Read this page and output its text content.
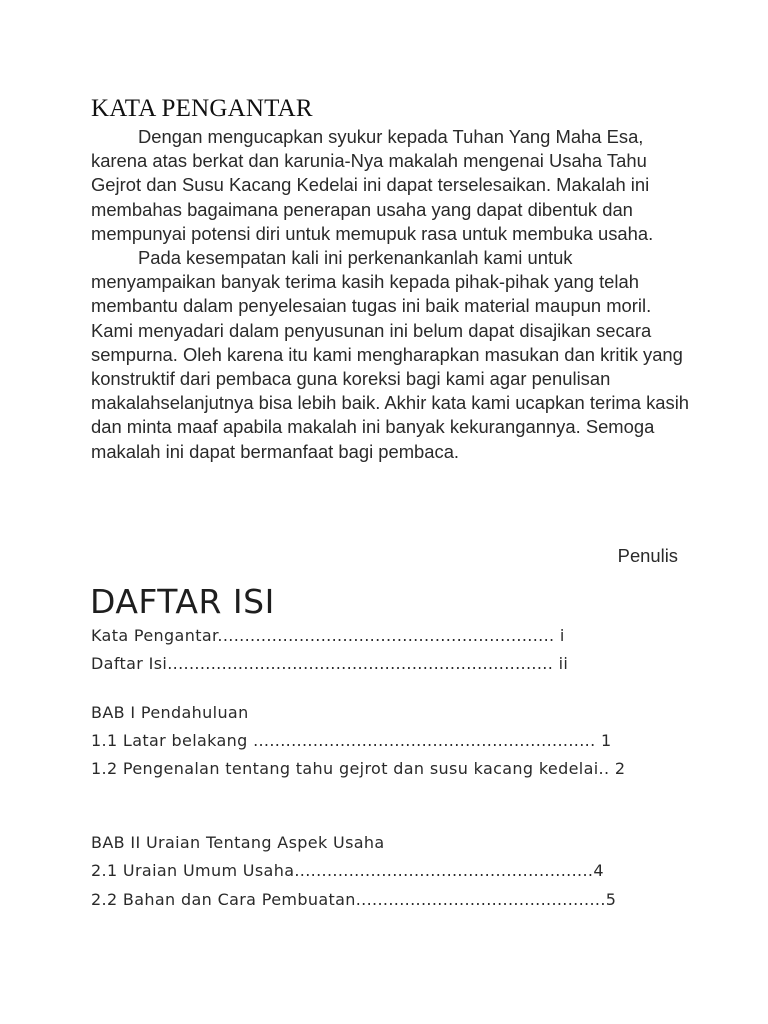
KATA PENGANTAR

Dengan mengucapkan syukur kepada Tuhan Yang Maha Esa, karena atas berkat dan karunia-Nya makalah mengenai Usaha Tahu Gejrot dan Susu Kacang Kedelai ini dapat terselesaikan. Makalah ini membahas bagaimana penerapan usaha yang dapat dibentuk dan mempunyai potensi diri untuk memupuk rasa untuk membuka usaha.

Pada kesempatan kali ini perkenankanlah kami untuk menyampaikan banyak terima kasih kepada pihak-pihak yang telah membantu dalam penyelesaian tugas ini baik material maupun moril. Kami menyadari dalam penyusunan ini belum dapat disajikan secara sempurna. Oleh karena itu kami mengharapkan masukan dan kritik yang konstruktif dari pembaca guna koreksi bagi kami agar penulisan makalahselanjutnya bisa lebih baik. Akhir kata kami ucapkan terima kasih dan minta maaf apabila makalah ini banyak kekurangannya. Semoga makalah ini dapat bermanfaat bagi pembaca.

Penulis
DAFTAR ISI
Kata Pengantar.............................................................. i
Daftar Isi....................................................................... ii
BAB I Pendahuluan
1.1 Latar belakang ............................................................... 1
1.2 Pengenalan tentang tahu gejrot dan susu kacang kedelai.. 2
BAB II Uraian Tentang Aspek Usaha
2.1 Uraian Umum Usaha.......................................................4
2.2 Bahan dan Cara Pembuatan..............................................5
